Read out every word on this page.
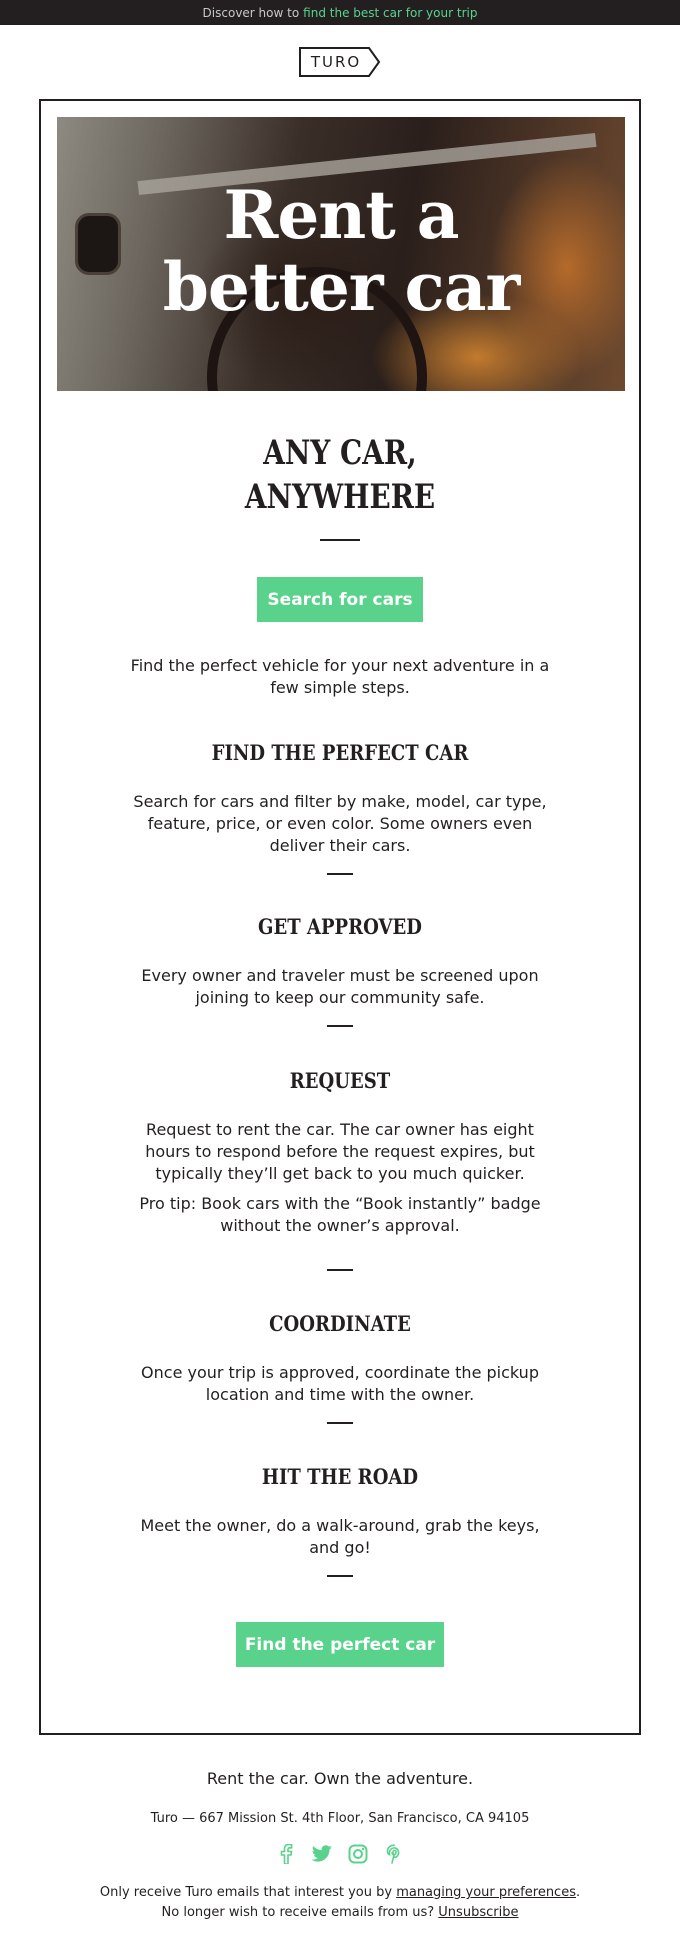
Discover how to find the best car for your trip
TURO
Rent a
better car
ANY CAR,
ANYWHERE
Search for cars
Find the perfect vehicle for your next adventure in a few simple steps.
FIND THE PERFECT CAR
Search for cars and filter by make, model, car type, feature, price, or even color. Some owners even deliver their cars.
GET APPROVED
Every owner and traveler must be screened upon joining to keep our community safe.
REQUEST
Request to rent the car. The car owner has eight hours to respond before the request expires, but typically they’ll get back to you much quicker.
Pro tip: Book cars with the “Book instantly” badge without the owner’s approval.
COORDINATE
Once your trip is approved, coordinate the pickup location and time with the owner.
HIT THE ROAD
Meet the owner, do a walk-around, grab the keys, and go!
Find the perfect car
Rent the car. Own the adventure.
Turo — 667 Mission St. 4th Floor, San Francisco, CA 94105
Only receive Turo emails that interest you by managing your preferences.
No longer wish to receive emails from us? Unsubscribe
